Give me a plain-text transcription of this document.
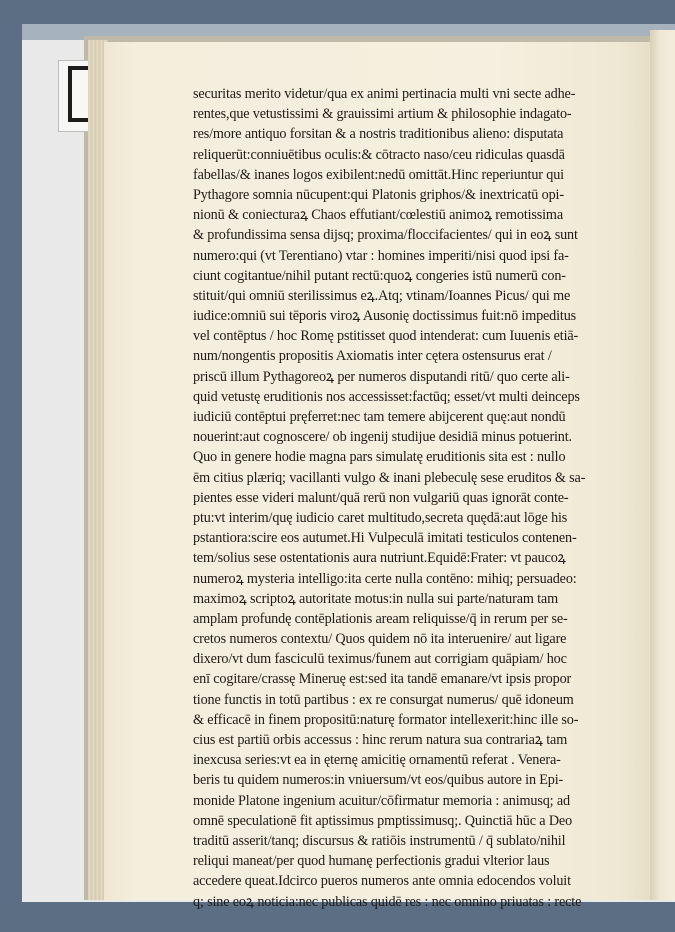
securitas merito videtur/qua ex animi pertinacia multi vni secte adhe-
rentes,que vetustissimi & grauissimi artium & philosophie indagato-
res/more antiquo forsitan & a nostris traditionibus alieno: disputata
reliquerūt:conniuētibus oculis:& cōtracto naso/ceu ridiculas quasdā
fabellas/& inanes logos exibilent:nedū omittāt.Hinc reperiuntur qui
Pythagore somnia nūcupent:qui Platonis griphos/& inextricatū opi-
nionū & coniecturaꝝ Chaos effutiant/cœlestiū animoꝝ remotissima
& profundissima sensa dijsq; proxima/floccifacientes/ qui in eoꝝ sunt
numero:qui (vt Terentiano) vtar : homines imperiti/nisi quod ipsi fa-
ciunt cogitantue/nihil putant rectū:quoꝝ congeries istū numerū con-
stituit/qui omniū sterilissimus eꝝ.Atq; vtinam/Ioannes Picus/ qui me
iudice:omniū sui tēporis viroꝝ Ausonię doctissimus fuit:nō impeditus
vel contēptus / hoc Romę pstitisset quod intenderat: cum Iuuenis etiā-
num/nongentis propositis Axiomatis inter cętera ostensurus erat /
priscū illum Pythagoreoꝝ per numeros disputandi ritū/ quo certe ali-
quid vetustę eruditionis nos accessisset:factūq; esset/vt multi deinceps
iudiciū contēptui pręferret:nec tam temere abijcerent quę:aut nondū
nouerint:aut cognoscere/ ob ingenij studijue desidiā minus potuerint.
Quo in genere hodie magna pars simulatę eruditionis sita est : nullo
ēm citius plæriq; vacillanti vulgo & inani plebeculę sese eruditos & sa-
pientes esse videri malunt/quā rerū non vulgariū quas ignorāt conte-
ptu:vt interim/quę iudicio caret multitudo,secreta quędā:aut lōge his
pstantiora:scire eos autumet.Hi Vulpeculā imitati testiculos contenen-
tem/solius sese ostentationis aura nutriunt.Equidē:Frater: vt paucoꝝ
numeroꝝ mysteria intelligo:ita certe nulla contēno: mihiq; persuadeo:
maximoꝝ scriptoꝝ autoritate motus:in nulla sui parte/naturam tam
amplam profundę contēplationis aream reliquisse/q̄ in rerum per se-
cretos numeros contextu/ Quos quidem nō ita interuenire/ aut ligare
dixero/vt dum fasciculū teximus/funem aut corrigiam quāpiam/ hoc
enī cogitare/crassę Mineruę est:sed ita tandē emanare/vt ipsis propor
tione functis in totū partibus : ex re consurgat numerus/ quē idoneum
& efficacē in finem propositū:naturę formator intellexerit:hinc ille so-
cius est partiū orbis accessus : hinc rerum natura sua contrariaꝝ tam
inexcusa series:vt ea in ęternę amicitię ornamentū referat . Venera-
beris tu quidem numeros:in vniuersum/vt eos/quibus autore in Epi-
monide Platone ingenium acuitur/cōfirmatur memoria : animusq; ad
omnē speculationē fit aptissimus pmptissimusq;. Quinctiā hūc a Deo
traditū asserit/tanq; discursus & ratiōis instrumentū / q̄ sublato/nihil
reliqui maneat/per quod humanę perfectionis gradui vlterior laus
accedere queat.Idcirco pueros numeros ante omnia edocendos voluit
q; sine eoꝝ noticia:nec publicas quidē res : nec omnino priuatas : recte
